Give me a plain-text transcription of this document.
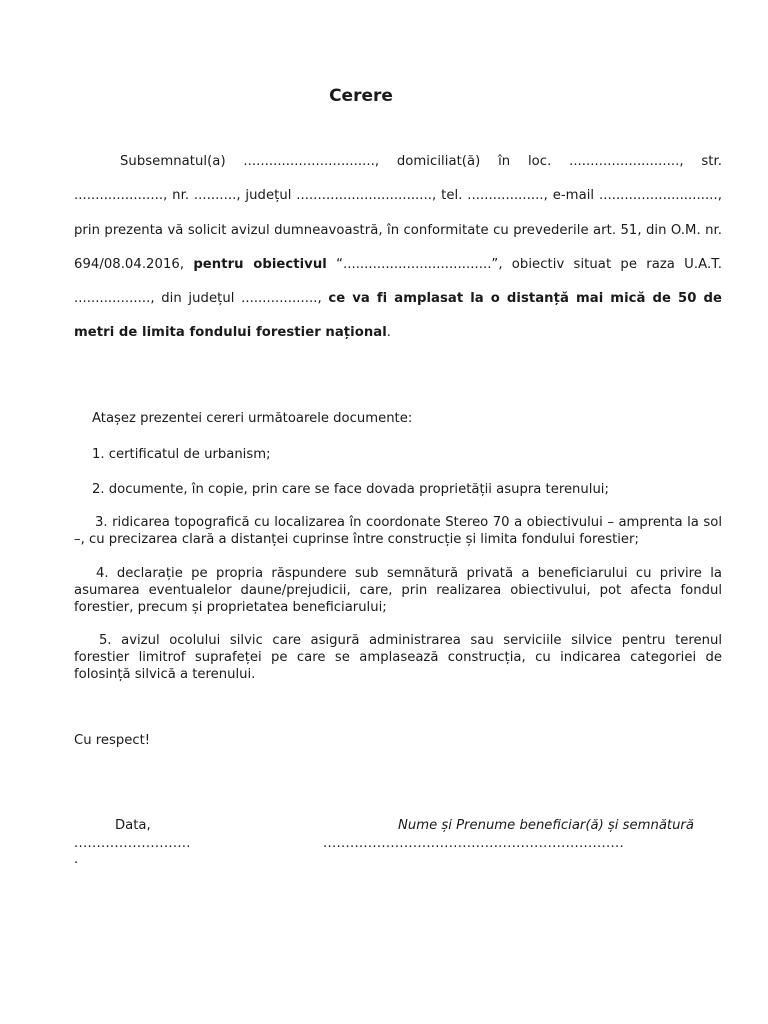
Cerere
Subsemnatul(a) ..............................., domiciliat(ă) în loc. .........................., str. ....................., nr. .........., județul ................................, tel. .................., e-mail ............................, prin prezenta vă solicit avizul dumneavoastră, în conformitate cu prevederile art. 51, din O.M. nr. 694/08.04.2016, pentru obiectivul “...................................”, obiectiv situat pe raza U.A.T. .................., din județul .................., ce va fi amplasat la o distanță mai mică de 50 de metri de limita fondului forestier național.
Atașez prezentei cereri următoarele documente:
1. certificatul de urbanism;
2. documente, în copie, prin care se face dovada proprietății asupra terenului;
3. ridicarea topografică cu localizarea în coordonate Stereo 70 a obiectivului – amprenta la sol –, cu precizarea clară a distanței cuprinse între construcție și limita fondului forestier;
4. declarație pe propria răspundere sub semnătură privată a beneficiarului cu privire la asumarea eventualelor daune/prejudicii, care, prin realizarea obiectivului, pot afecta fondul forestier, precum și proprietatea beneficiarului;
5. avizul ocolului silvic care asigură administrarea sau serviciile silvice pentru terenul forestier limitrof suprafeței pe care se amplasează construcția, cu indicarea categoriei de folosință silvică a terenului.
Cu respect!
Data,	Nume și Prenume beneficiar(ă) și semnătură
..........................	...................................................................
.
